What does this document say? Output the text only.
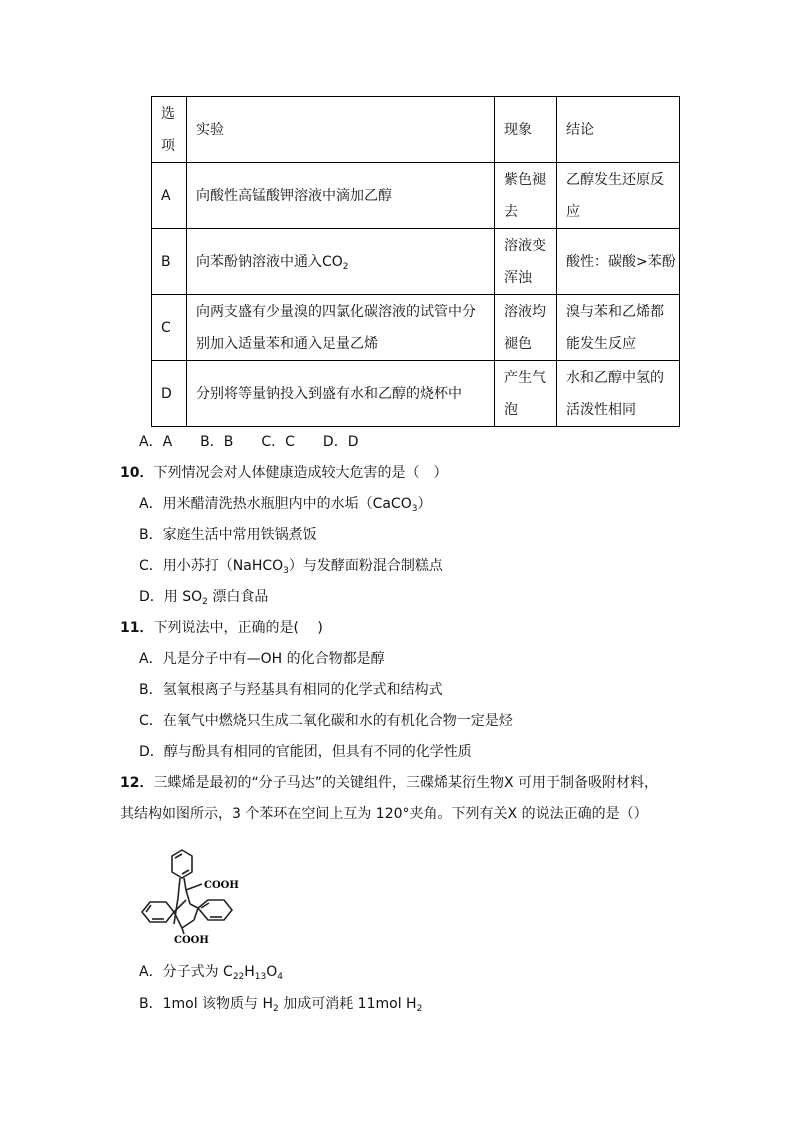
选项	实验	现象	结论
A	向酸性高锰酸钾溶液中滴加乙醇	紫色褪去	乙醇发生还原反应
B	向苯酚钠溶液中通入$CO_2$	溶液变浑浊	酸性：碳酸>苯酚
C	向两支盛有少量溴的四氯化碳溶液的试管中分别加入适量苯和通入足量乙烯	溶液均褪色	溴与苯和乙烯都能发生反应
D	分别将等量钠投入到盛有水和乙醇的烧杯中	产生气泡	水和乙醇中氢的活泼性相同
A．A　　B．B　　C．C　　D．D
10．下列情况会对人体健康造成较大危害的是（　）
A．用米醋清洗热水瓶胆内中的水垢（CaCO$_3$）
B．家庭生活中常用铁锅煮饭
C．用小苏打（NaHCO$_3$）与发酵面粉混合制糕点
D．用 $SO_2$ 漂白食品
11．下列说法中，正确的是(　 )
A．凡是分子中有—OH 的化合物都是醇
B．氢氧根离子与羟基具有相同的化学式和结构式
C．在氧气中燃烧只生成二氧化碳和水的有机化合物一定是烃
D．醇与酚具有相同的官能团，但具有不同的化学性质
12．三蝶烯是最初的“分子马达”的关键组件，三碟烯某衍生物X 可用于制备吸附材料，
其结构如图所示，3 个苯环在空间上互为 120°夹角。下列有关X 的说法正确的是（）
COOH
COOH
A．分子式为 $C_{22}H_{13}O_4$
B．1mol 该物质与 $H_2$ 加成可消耗 11mol $H_2$
